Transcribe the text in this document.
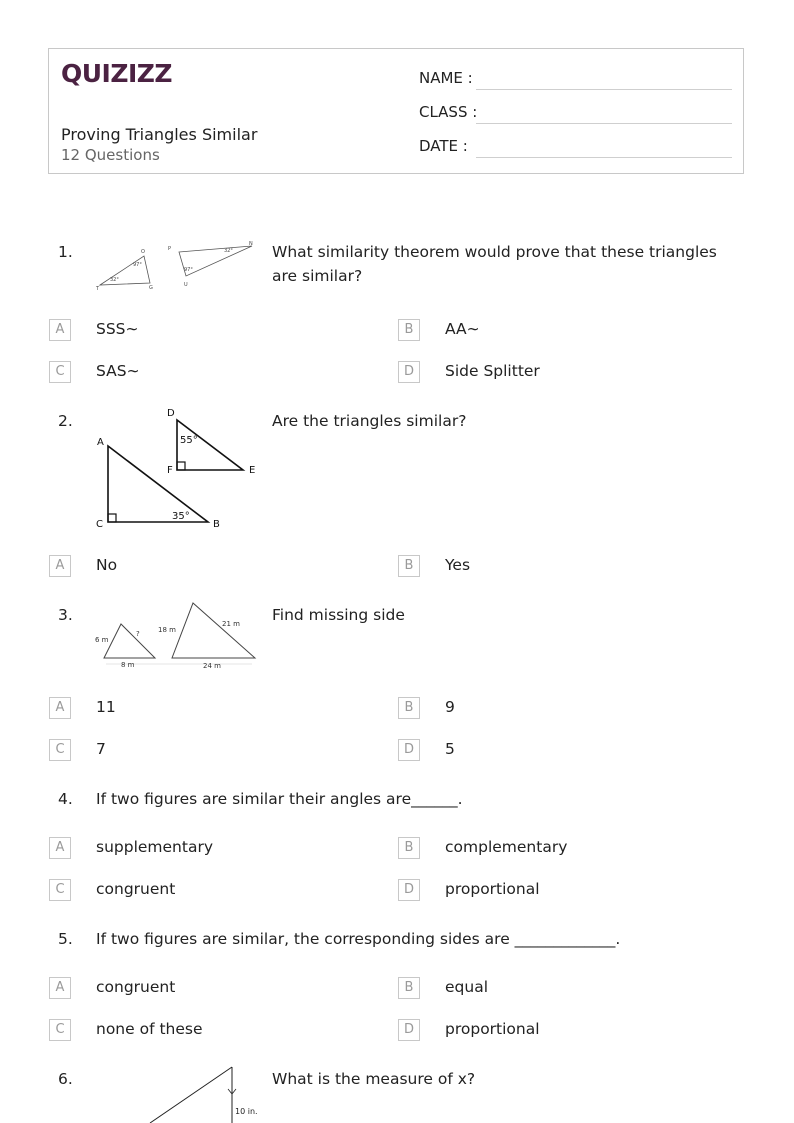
QUIZIZZ
Proving Triangles Similar
12 Questions
NAME :
CLASS :
DATE :
1.	O
97°
32°
T	G
P
N
32°
97°
U
What similarity theorem would prove that these triangles are similar?
A	SSS∼	B	AA∼
C	SAS∼	D	Side Splitter
2.	D
55°
F	E
A
C
35°
B
Are the triangles similar?
A	No	B	Yes
3.
6 m
?
8 m
18 m
21 m
24 m
Find missing side
A	11	B	9
C	7	D	5
4. If two figures are similar their angles are______.
A	supplementary	B	complementary
C	congruent	D	proportional
5. If two figures are similar, the corresponding sides are _____________.
A	congruent	B	equal
C	none of these	D	proportional
6.
10 in.
What is the measure of x?
